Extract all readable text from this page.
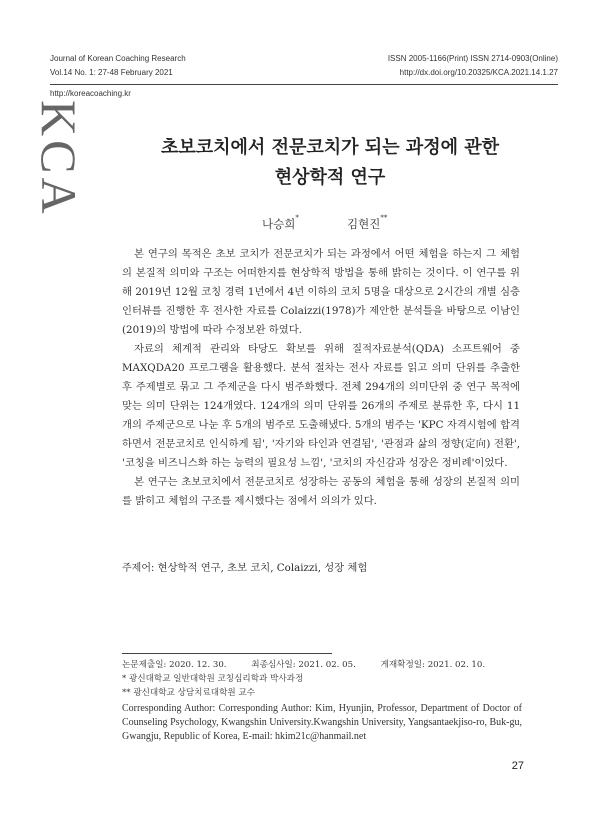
Journal of Korean Coaching Research
Vol.14 No. 1: 27-48 February 2021
ISSN 2005-1166(Print) ISSN 2714-0903(Online)
http://dx.doi.org/10.20325/KCA.2021.14.1.27
http://koreacoaching.kr
KCA	초보코치에서 전문코치가 되는 과정에 관한
현상학적 연구
나승희*	김현진**

본 연구의 목적은 초보 코치가 전문코치가 되는 과정에서 어떤 체험을 하는지 그 체험의 본질적 의미와 구조는 어떠한지를 현상학적 방법을 통해 밝히는 것이다. 이 연구를 위해 2019년 12월 코칭 경력 1년에서 4년 이하의 코치 5명을 대상으로 2시간의 개별 심층 인터뷰를 진행한 후 전사한 자료를 Colaizzi(1978)가 제안한 분석틀을 바탕으로 이남인(2019)의 방법에 따라 수정보완 하였다.

자료의 체계적 관리와 타당도 확보를 위해 질적자료분석(QDA) 소프트웨어 중 MAXQDA20 프로그램을 활용했다. 분석 절차는 전사 자료를 읽고 의미 단위를 추출한 후 주제별로 묶고 그 주제군을 다시 범주화했다. 전체 294개의 의미단위 중 연구 목적에 맞는 의미 단위는 124개였다. 124개의 의미 단위를 26개의 주제로 분류한 후, 다시 11개의 주제군으로 나눈 후 5개의 범주로 도출해냈다. 5개의 범주는 'KPC 자격시험에 합격하면서 전문코치로 인식하게 됨', '자기와 타인과 연결됨', '관점과 삶의 정향(定向) 전환', '코칭을 비즈니스화 하는 능력의 필요성 느낌', '코치의 자신감과 성장은 정비례'이었다.

본 연구는 초보코치에서 전문코치로 성장하는 공동의 체험을 통해 성장의 본질적 의미를 밝히고 체험의 구조를 제시했다는 점에서 의의가 있다.

주제어: 현상학적 연구, 초보 코치, Colaizzi, 성장 체험
논문제출일: 2020. 12. 30.	최종심사일: 2021. 02. 05.	게재확정일: 2021. 02. 10.
* 광신대학교 일반대학원 코칭심리학과 박사과정
** 광신대학교 상담치료대학원 교수
Corresponding Author: Corresponding Author: Kim, Hyunjin, Professor, Department of Doctor of Counseling Psychology, Kwangshin University.Kwangshin University, Yangsantaekjiso-ro, Buk-gu, Gwangju, Republic of Korea, E-mail: hkim21c@hanmail.net
27
